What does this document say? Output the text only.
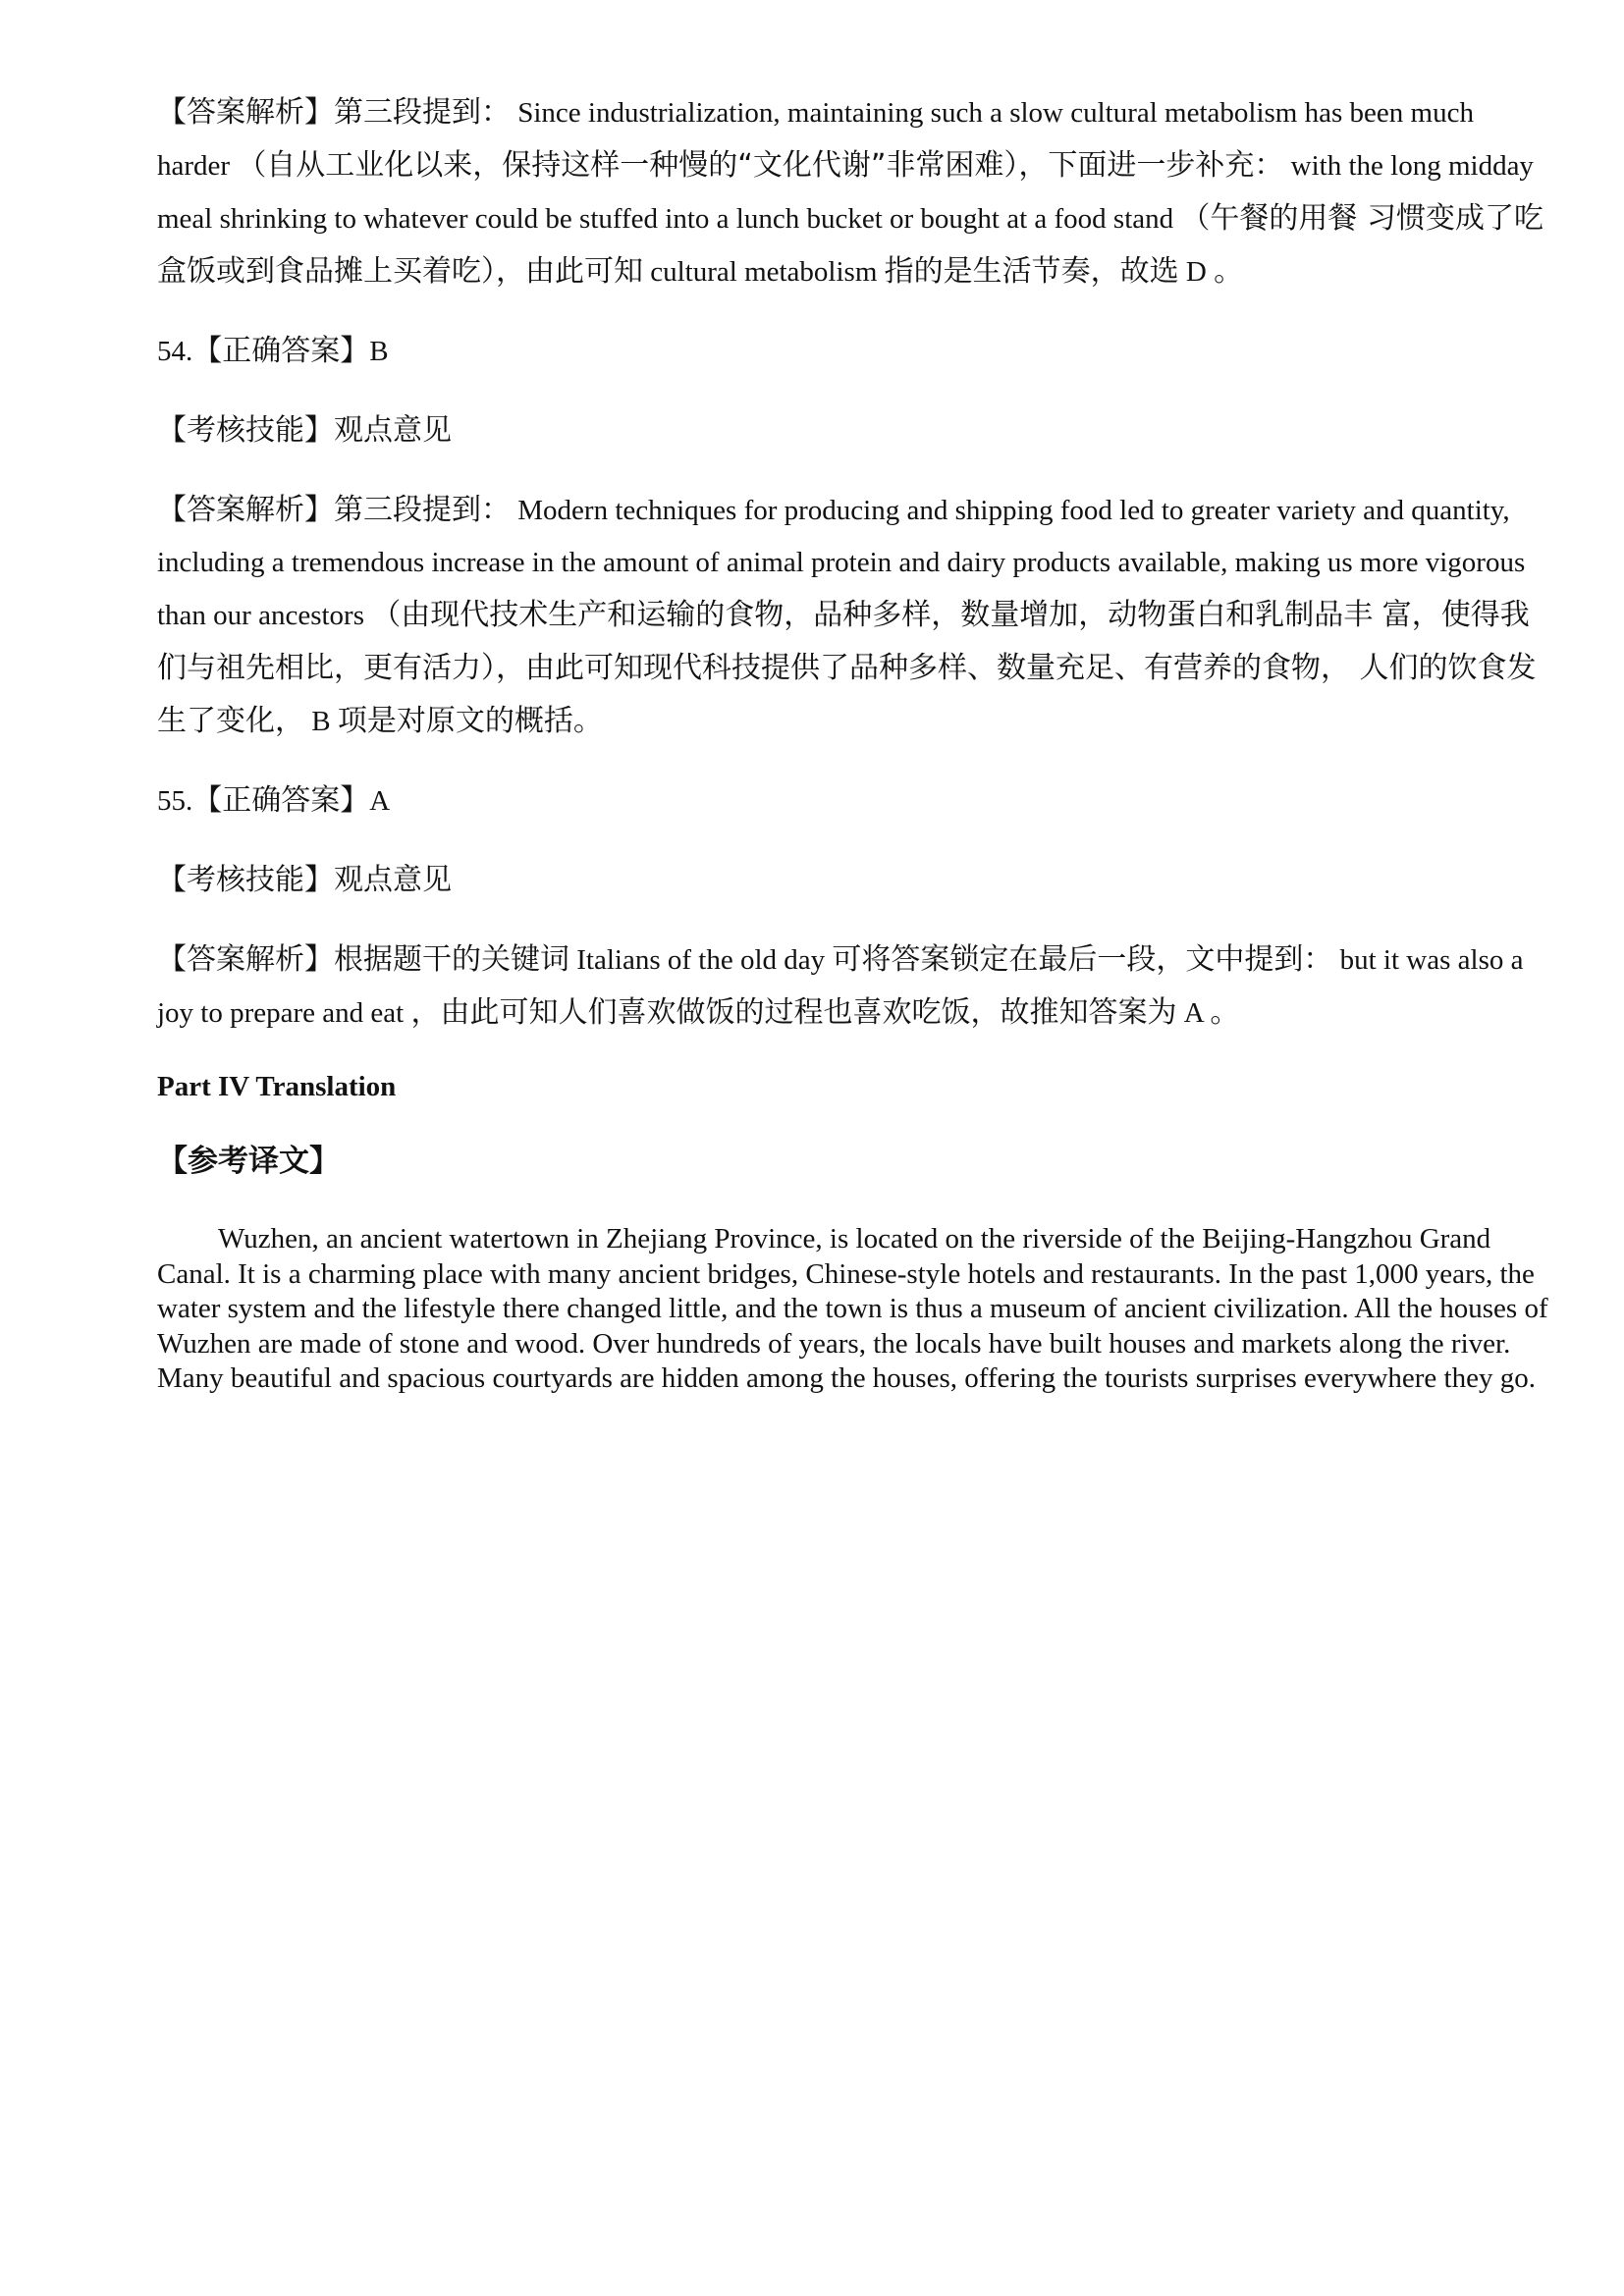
【答案解析】第三段提到： Since industrialization, maintaining such a slow cultural metabolism has been much harder （自从工业化以来，保持这样一种慢的“文化代谢”非常困难），下面进一步补充： with the long midday meal shrinking to whatever could be stuffed into a lunch bucket or bought at a food stand （午餐的用餐 习惯变成了吃盒饭或到食品摊上买着吃），由此可知 cultural metabolism 指的是生活节奏，故选 D 。

54.【正确答案】B

【考核技能】观点意见

【答案解析】第三段提到： Modern techniques for producing and shipping food led to greater variety and quantity, including a tremendous increase in the amount of animal protein and dairy products available, making us more vigorous than our ancestors （由现代技术生产和运输的食物，品种多样，数量增加，动物蛋白和乳制品丰 富，使得我们与祖先相比，更有活力），由此可知现代科技提供了品种多样、数量充足、有营养的食物， 人们的饮食发生了变化， B 项是对原文的概括。

55.【正确答案】A

【考核技能】观点意见

【答案解析】根据题干的关键词 Italians of the old day 可将答案锁定在最后一段，文中提到： but it was also a joy to prepare and eat ，由此可知人们喜欢做饭的过程也喜欢吃饭，故推知答案为 A 。

Part IV Translation
【参考译文】

Wuzhen, an ancient watertown in Zhejiang Province, is located on the riverside of the Beijing-Hangzhou Grand Canal. It is a charming place with many ancient bridges, Chinese-style hotels and restaurants. In the past 1,000 years, the water system and the lifestyle there changed little, and the town is thus a museum of ancient civilization. All the houses of Wuzhen are made of stone and wood. Over hundreds of years, the locals have built houses and markets along the river. Many beautiful and spacious courtyards are hidden among the houses, offering the tourists surprises everywhere they go.
